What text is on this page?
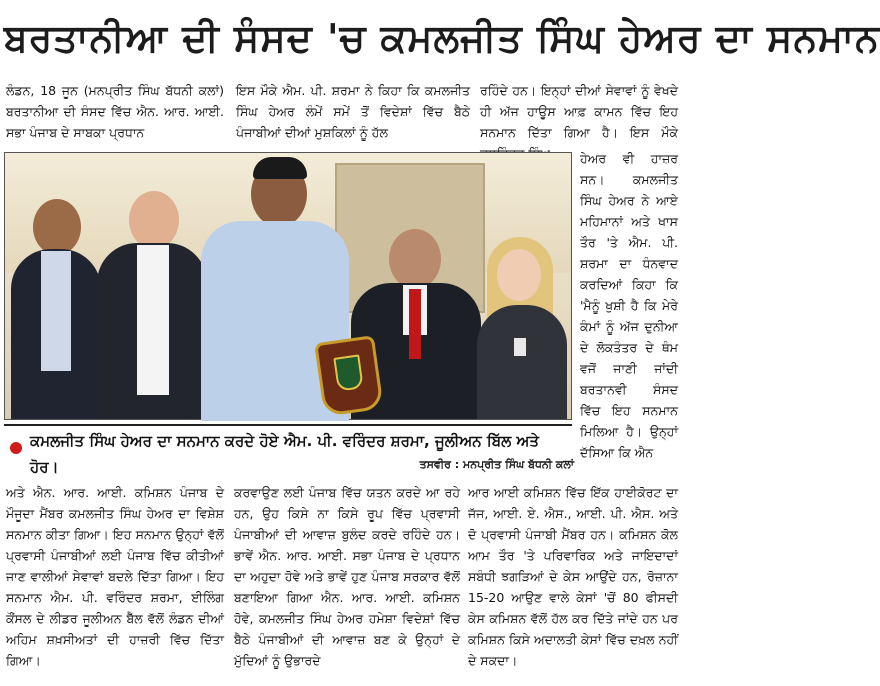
ਬਰਤਾਨੀਆ ਦੀ ਸੰਸਦ 'ਚ ਕਮਲਜੀਤ ਸਿੰਘ ਹੇਅਰ ਦਾ ਸਨਮਾਨ

ਲੰਡਨ, 18 ਜੂਨ (ਮਨਪ੍ਰੀਤ ਸਿੰਘ ਬੱਧਨੀ ਕਲਾਂ) ਬਰਤਾਨੀਆ ਦੀ ਸੰਸਦ ਵਿੱਚ ਐਨ. ਆਰ. ਆਈ. ਸਭਾ ਪੰਜਾਬ ਦੇ ਸਾਬਕਾ ਪ੍ਰਧਾਨ

ਇਸ ਮੌਕੇ ਐਮ. ਪੀ. ਸ਼ਰਮਾ ਨੇ ਕਿਹਾ ਕਿ ਕਮਲਜੀਤ ਸਿੰਘ ਹੇਅਰ ਲੰਮੇਂ ਸਮੇਂ ਤੋਂ ਵਿਦੇਸ਼ਾਂ ਵਿੱਚ ਬੈਠੇ ਪੰਜਾਬੀਆਂ ਦੀਆਂ ਮੁਸ਼ਕਿਲਾਂ ਨੂੰ ਹੱਲ

ਰਹਿੰਦੇ ਹਨ। ਇਨ੍ਹਾਂ ਦੀਆਂ ਸੇਵਾਵਾਂ ਨੂੰ ਵੇਖਦੇ ਹੀ ਅੱਜ ਹਾਊਸ ਆਫ਼ ਕਾਮਨ ਵਿੱਚ ਇਹ ਸਨਮਾਨ ਦਿੱਤਾ ਗਿਆ ਹੈ। ਇਸ ਮੌਕੇ

ਹੇਅਰ ਵੀ ਹਾਜ਼ਰ ਸਨ। ਕਮਲਜੀਤ ਸਿੰਘ ਹੇਅਰ ਨੇ ਆਏ ਮਹਿਮਾਨਾਂ ਅਤੇ ਖਾਸ ਤੌਰ 'ਤੇ ਐਮ. ਪੀ. ਸ਼ਰਮਾ ਦਾ ਧੰਨਵਾਦ ਕਰਦਿਆਂ ਕਿਹਾ ਕਿ 'ਮੈਨੂੰ ਖੁਸ਼ੀ ਹੈ ਕਿ ਮੇਰੇ ਕੰਮਾਂ ਨੂੰ ਅੱਜ ਦੁਨੀਆ ਦੇ ਲੋਕਤੰਤਰ ਦੇ ਥੰਮ ਵਜੋਂ ਜਾਣੀ ਜਾਂਦੀ ਬਰਤਾਨਵੀ ਸੰਸਦ ਵਿੱਚ ਇਹ ਸਨਮਾਨ ਮਿਲਿਆ ਹੈ। ਉਨ੍ਹਾਂ ਦੱਸਿਆ ਕਿ ਐਨ

ਕਮਲਜੀਤ ਸਿੰਘ ਹੇਅਰ ਦਾ ਸਨਮਾਨ ਕਰਦੇ ਹੋਏ ਐਮ. ਪੀ. ਵਰਿੰਦਰ ਸ਼ਰਮਾ, ਜੂਲੀਅਨ ਬਿੱਲ ਅਤੇ ਹੋਰ।	ਤਸਵੀਰ : ਮਨਪ੍ਰੀਤ ਸਿੰਘ ਬੱਧਨੀ ਕਲਾਂ

ਅਤੇ ਐਨ. ਆਰ. ਆਈ. ਕਮਿਸ਼ਨ ਪੰਜਾਬ ਦੇ ਮੌਜੂਦਾ ਮੈਂਬਰ ਕਮਲਜੀਤ ਸਿੰਘ ਹੇਅਰ ਦਾ ਵਿਸ਼ੇਸ਼ ਸਨਮਾਨ ਕੀਤਾ ਗਿਆ। ਇਹ ਸਨਮਾਨ ਉਨ੍ਹਾਂ ਵੱਲੋਂ ਪ੍ਰਵਾਸੀ ਪੰਜਾਬੀਆਂ ਲਈ ਪੰਜਾਬ ਵਿੱਚ ਕੀਤੀਆਂ ਜਾਣ ਵਾਲੀਆਂ ਸੇਵਾਵਾਂ ਬਦਲੇ ਦਿੱਤਾ ਗਿਆ। ਇਹ ਸਨਮਾਨ ਐਮ. ਪੀ. ਵਰਿੰਦਰ ਸ਼ਰਮਾ, ਈਲਿੰਗ ਕੌਂਸਲ ਦੇ ਲੀਡਰ ਜੂਲੀਅਨ ਬੈੱਲ ਵੱਲੋਂ ਲੰਡਨ ਦੀਆਂ ਅਹਿਮ ਸ਼ਖ਼ਸੀਅਤਾਂ ਦੀ ਹਾਜ਼ਰੀ ਵਿੱਚ ਦਿੱਤਾ ਗਿਆ।

ਕਰਵਾਉਣ ਲਈ ਪੰਜਾਬ ਵਿੱਚ ਯਤਨ ਕਰਦੇ ਆ ਰਹੇ ਹਨ, ਉਹ ਕਿਸੇ ਨਾ ਕਿਸੇ ਰੂਪ ਵਿੱਚ ਪ੍ਰਵਾਸੀ ਪੰਜਾਬੀਆਂ ਦੀ ਆਵਾਜ਼ ਬੁਲੰਦ ਕਰਦੇ ਰਹਿੰਦੇ ਹਨ। ਭਾਵੇਂ ਐਨ. ਆਰ. ਆਈ. ਸਭਾ ਪੰਜਾਬ ਦੇ ਪ੍ਰਧਾਨ ਦਾ ਅਹੁਦਾ ਹੋਵੇ ਅਤੇ ਭਾਵੇਂ ਹੁਣ ਪੰਜਾਬ ਸਰਕਾਰ ਵੱਲੋਂ ਬਣਾਇਆ ਗਿਆ ਐਨ. ਆਰ. ਆਈ. ਕਮਿਸ਼ਨ ਹੋਵੇ, ਕਮਲਜੀਤ ਸਿੰਘ ਹੇਅਰ ਹਮੇਸ਼ਾ ਵਿਦੇਸ਼ਾਂ ਵਿੱਚ ਬੈਠੇ ਪੰਜਾਬੀਆਂ ਦੀ ਆਵਾਜ਼ ਬਣ ਕੇ ਉਨ੍ਹਾਂ ਦੇ ਮੁੱਦਿਆਂ ਨੂੰ ਉਭਾਰਦੇ

ਆਰ ਆਈ ਕਮਿਸ਼ਨ ਵਿੱਚ ਇੱਕ ਹਾਈਕੋਰਟ ਦਾ ਜੱਜ, ਆਈ. ਏ. ਐਸ., ਆਈ. ਪੀ. ਐਸ. ਅਤੇ ਦੋ ਪ੍ਰਵਾਸੀ ਪੰਜਾਬੀ ਮੈਂਬਰ ਹਨ। ਕਮਿਸ਼ਨ ਕੋਲ ਆਮ ਤੌਰ 'ਤੇ ਪਰਿਵਾਰਿਕ ਅਤੇ ਜਾਇਦਾਦਾਂ ਸਬੰਧੀ ਝਗੜਿਆਂ ਦੇ ਕੇਸ ਆਉਂਦੇ ਹਨ, ਰੋਜ਼ਾਨਾ 15-20 ਆਉਣ ਵਾਲੇ ਕੇਸਾਂ 'ਚੋਂ 80 ਫੀਸਦੀ ਕੇਸ ਕਮਿਸ਼ਨ ਵੱਲੋਂ ਹੱਲ ਕਰ ਦਿੱਤੇ ਜਾਂਦੇ ਹਨ ਪਰ ਕਮਿਸ਼ਨ ਕਿਸੇ ਅਦਾਲਤੀ ਕੇਸਾਂ ਵਿੱਚ ਦਖ਼ਲ ਨਹੀਂ ਦੇ ਸਕਦਾ।
